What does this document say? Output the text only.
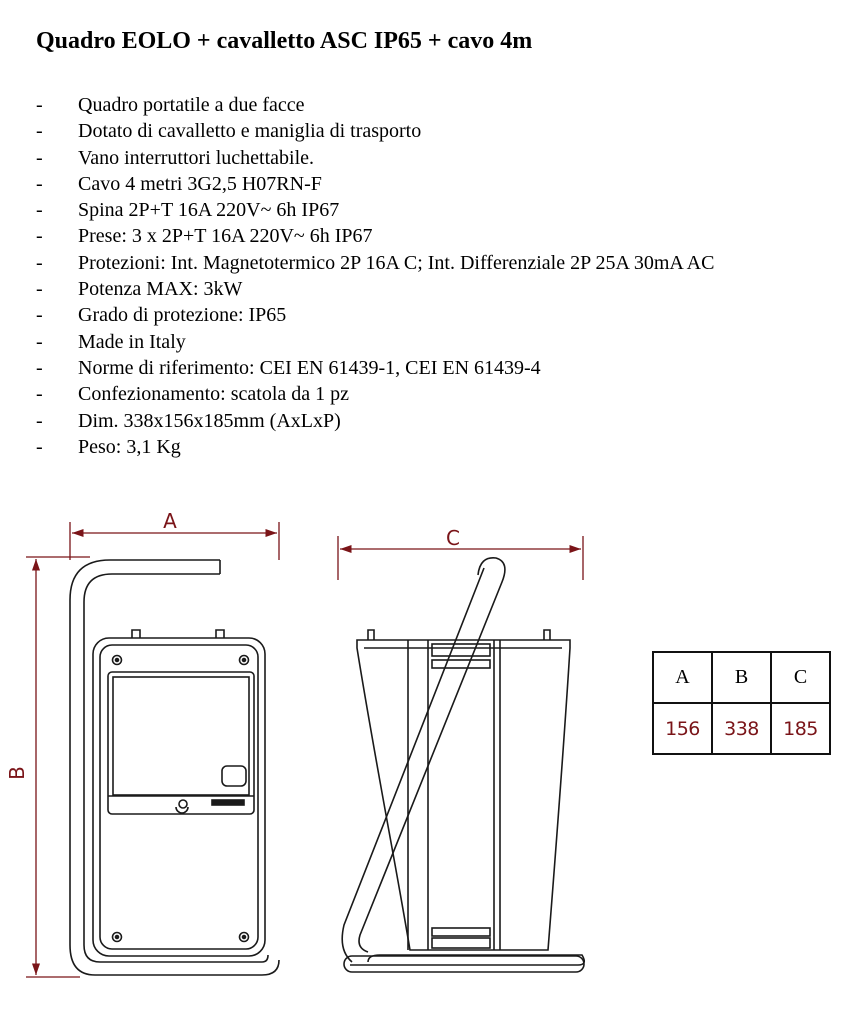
Quadro EOLO + cavalletto ASC IP65 + cavo 4m
- Quadro portatile a due facce
- Dotato di cavalletto e maniglia di trasporto
- Vano interruttori luchettabile.
- Cavo 4 metri 3G2,5 H07RN-F
- Spina 2P+T 16A 220V~ 6h IP67
- Prese: 3 x 2P+T 16A 220V~ 6h IP67
- Protezioni: Int. Magnetotermico 2P 16A C; Int. Differenziale 2P 25A 30mA AC
- Potenza MAX: 3kW
- Grado di protezione: IP65
- Made in Italy
- Norme di riferimento: CEI EN 61439-1, CEI EN 61439-4
- Confezionamento: scatola da 1 pz
- Dim. 338x156x185mm (AxLxP)
- Peso: 3,1 Kg
A
B
C
A	B	C
156	338	185
